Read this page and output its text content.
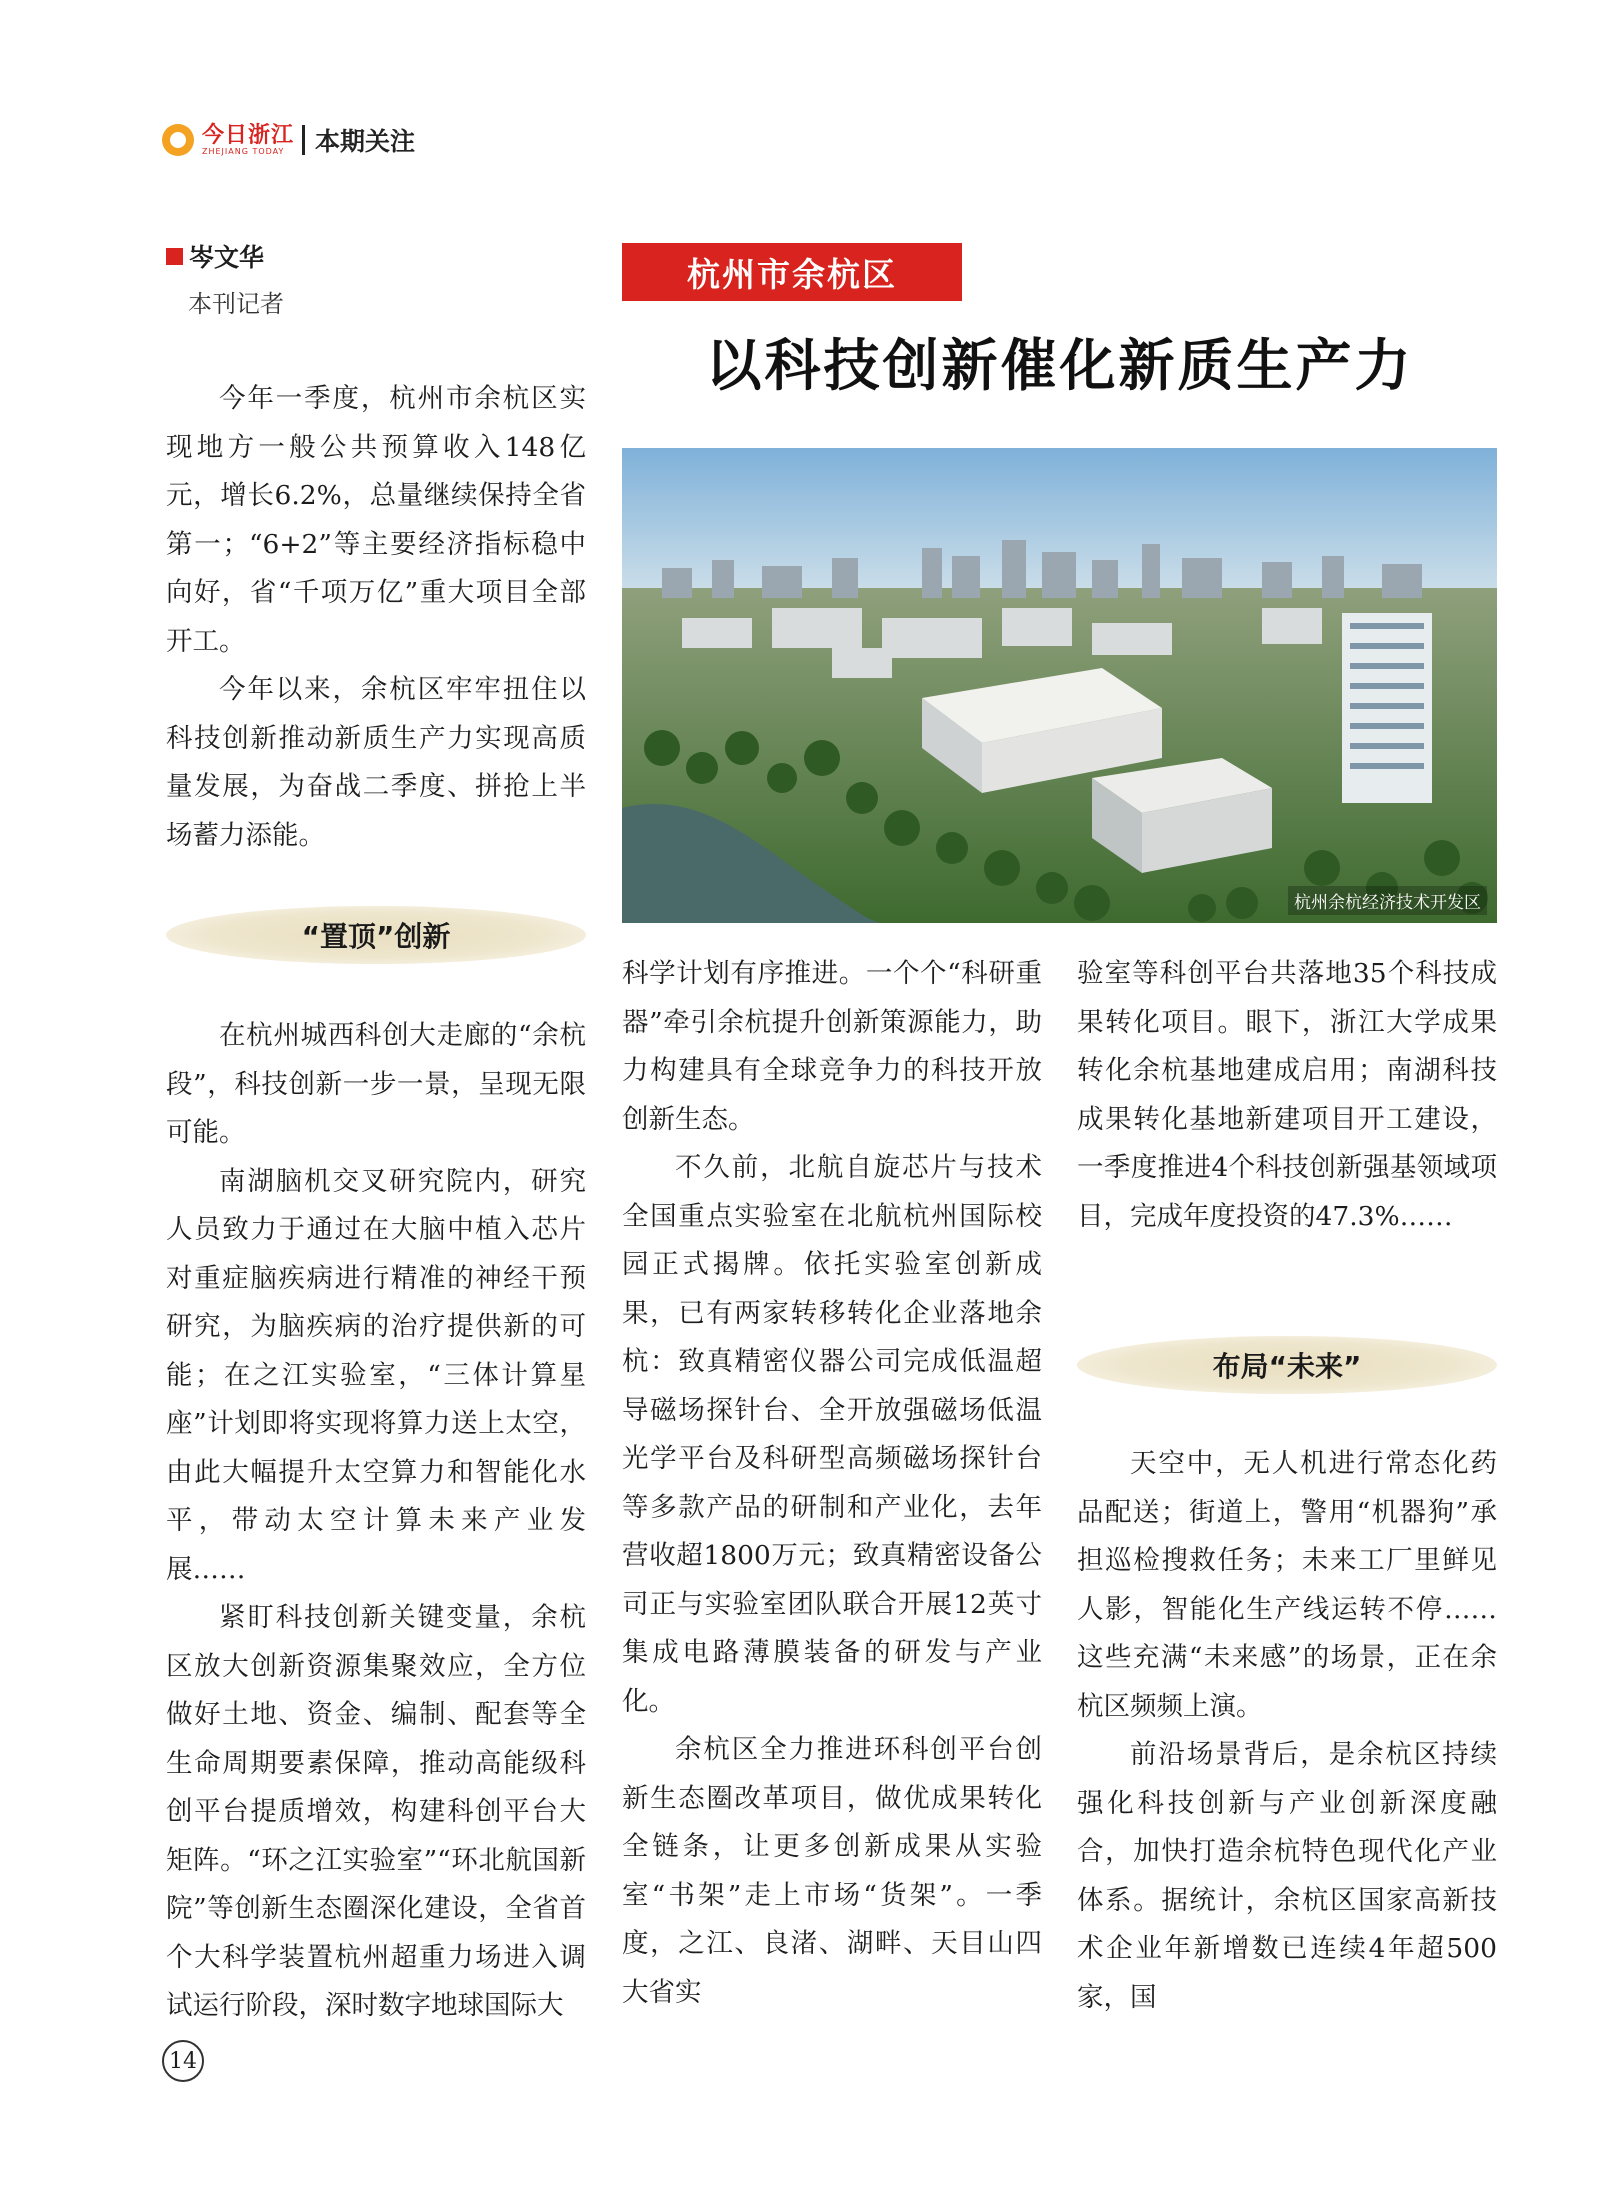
今日浙江
ZHEJIANG TODAY	本期关注
岑文华
本刊记者
杭州市余杭区
以科技创新催化新质生产力
杭州余杭经济技术开发区

今年一季度，杭州市余杭区实现地方一般公共预算收入148亿元，增长6.2%，总量继续保持全省第一；“6+2”等主要经济指标稳中向好，省“千项万亿”重大项目全部开工。

今年以来，余杭区牢牢扭住以科技创新推动新质生产力实现高质量发展，为奋战二季度、拼抢上半场蓄力添能。

“置顶”创新

在杭州城西科创大走廊的“余杭段”，科技创新一步一景，呈现无限可能。

南湖脑机交叉研究院内，研究人员致力于通过在大脑中植入芯片对重症脑疾病进行精准的神经干预研究，为脑疾病的治疗提供新的可能；在之江实验室，“三体计算星座”计划即将实现将算力送上太空，由此大幅提升太空算力和智能化水平，带动太空计算未来产业发展……

紧盯科技创新关键变量，余杭区放大创新资源集聚效应，全方位做好土地、资金、编制、配套等全生命周期要素保障，推动高能级科创平台提质增效，构建科创平台大矩阵。“环之江实验室”“环北航国新院”等创新生态圈深化建设，全省首个大科学装置杭州超重力场进入调试运行阶段，深时数字地球国际大

科学计划有序推进。一个个“科研重器”牵引余杭提升创新策源能力，助力构建具有全球竞争力的科技开放创新生态。

不久前，北航自旋芯片与技术全国重点实验室在北航杭州国际校园正式揭牌。依托实验室创新成果，已有两家转移转化企业落地余杭：致真精密仪器公司完成低温超导磁场探针台、全开放强磁场低温光学平台及科研型高频磁场探针台等多款产品的研制和产业化，去年营收超1800万元；致真精密设备公司正与实验室团队联合开展12英寸集成电路薄膜装备的研发与产业化。

余杭区全力推进环科创平台创新生态圈改革项目，做优成果转化全链条，让更多创新成果从实验室“书架”走上市场“货架”。一季度，之江、良渚、湖畔、天目山四大省实

验室等科创平台共落地35个科技成果转化项目。眼下，浙江大学成果转化余杭基地建成启用；南湖科技成果转化基地新建项目开工建设，一季度推进4个科技创新强基领域项目，完成年度投资的47.3%……

布局“未来”

天空中，无人机进行常态化药品配送；街道上，警用“机器狗”承担巡检搜救任务；未来工厂里鲜见人影，智能化生产线运转不停……这些充满“未来感”的场景，正在余杭区频频上演。

前沿场景背后，是余杭区持续强化科技创新与产业创新深度融合，加快打造余杭特色现代化产业体系。据统计，余杭区国家高新技术企业年新增数已连续4年超500家，国

14
